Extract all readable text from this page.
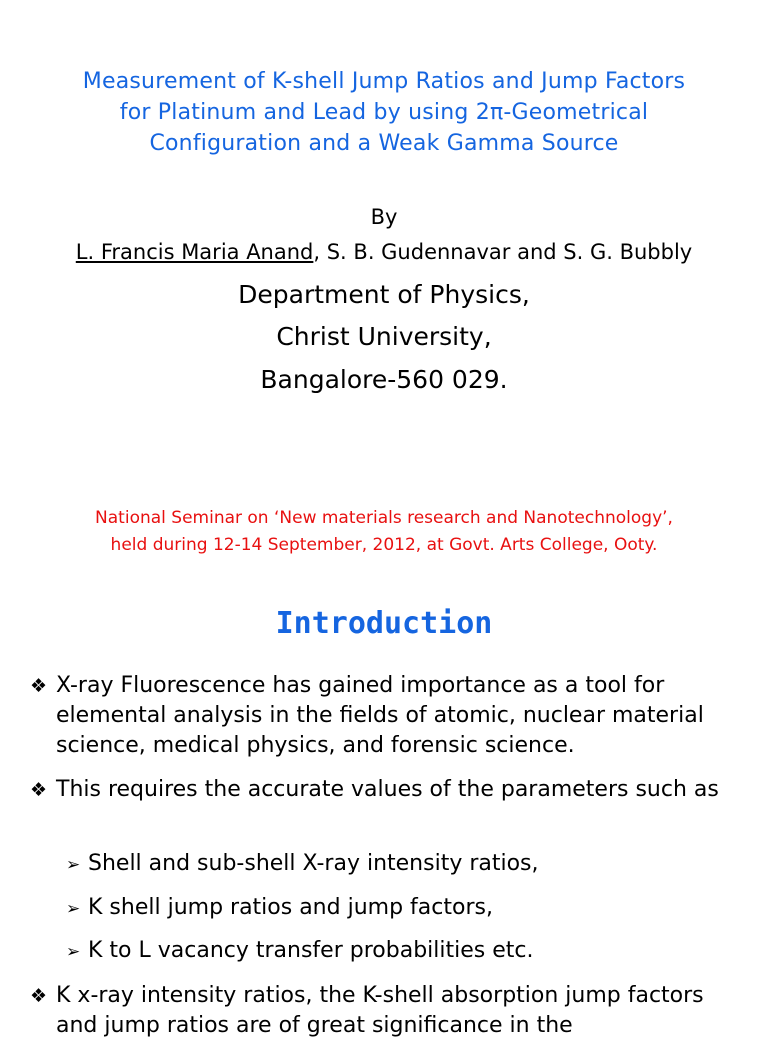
Measurement of K-shell Jump Ratios and Jump Factors
for Platinum and Lead by using 2π-Geometrical
Configuration and a Weak Gamma Source
By
L. Francis Maria Anand, S. B. Gudennavar and S. G. Bubbly
Department of Physics,
Christ University,
Bangalore-560 029.
National Seminar on ‘New materials research and Nanotechnology’,
held during 12-14 September, 2012, at Govt. Arts College, Ooty.
Introduction
❖ X-ray Fluorescence has gained importance as a tool for elemental analysis in the fields of atomic, nuclear material science, medical physics, and forensic science.
❖ This requires the accurate values of the parameters such as
➢ Shell and sub-shell X-ray intensity ratios,
➢ K shell jump ratios and jump factors,
➢ K to L vacancy transfer probabilities etc.
❖ K x-ray intensity ratios, the K-shell absorption jump factors and jump ratios are of great significance in the
